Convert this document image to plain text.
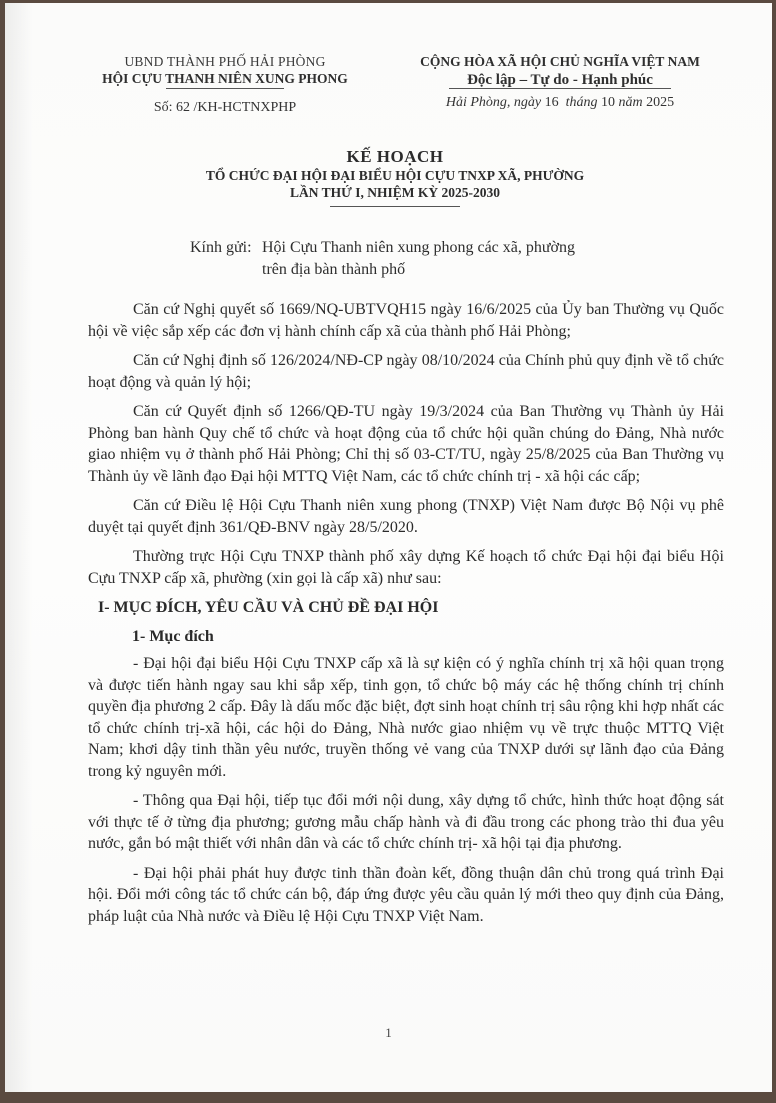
UBND THÀNH PHỐ HẢI PHÒNG
HỘI CỰU THANH NIÊN XUNG PHONG
Số: 62 /KH-HCTNXPHP
CỘNG HÒA XÃ HỘI CHỦ NGHĨA VIỆT NAM
Độc lập – Tự do - Hạnh phúc
Hải Phòng, ngày 16 tháng 10 năm 2025
KẾ HOẠCH
TỔ CHỨC ĐẠI HỘI ĐẠI BIỂU HỘI CỰU TNXP XÃ, PHƯỜNG
LẦN THỨ I, NHIỆM KỲ 2025-2030
Kính gửi: Hội Cựu Thanh niên xung phong các xã, phường
trên địa bàn thành phố

Căn cứ Nghị quyết số 1669/NQ-UBTVQH15 ngày 16/6/2025 của Ủy ban Thường vụ Quốc hội về việc sắp xếp các đơn vị hành chính cấp xã của thành phố Hải Phòng;

Căn cứ Nghị định số 126/2024/NĐ-CP ngày 08/10/2024 của Chính phủ quy định về tổ chức hoạt động và quản lý hội;

Căn cứ Quyết định số 1266/QĐ-TU ngày 19/3/2024 của Ban Thường vụ Thành ủy Hải Phòng ban hành Quy chế tổ chức và hoạt động của tổ chức hội quần chúng do Đảng, Nhà nước giao nhiệm vụ ở thành phố Hải Phòng; Chỉ thị số 03-CT/TU, ngày 25/8/2025 của Ban Thường vụ Thành ủy về lãnh đạo Đại hội MTTQ Việt Nam, các tổ chức chính trị - xã hội các cấp;

Căn cứ Điều lệ Hội Cựu Thanh niên xung phong (TNXP) Việt Nam được Bộ Nội vụ phê duyệt tại quyết định 361/QĐ-BNV ngày 28/5/2020.

Thường trực Hội Cựu TNXP thành phố xây dựng Kế hoạch tổ chức Đại hội đại biểu Hội Cựu TNXP cấp xã, phường (xin gọi là cấp xã) như sau:

I- MỤC ĐÍCH, YÊU CẦU VÀ CHỦ ĐỀ ĐẠI HỘI
1- Mục đích

- Đại hội đại biểu Hội Cựu TNXP cấp xã là sự kiện có ý nghĩa chính trị xã hội quan trọng và được tiến hành ngay sau khi sắp xếp, tinh gọn, tổ chức bộ máy các hệ thống chính trị chính quyền địa phương 2 cấp. Đây là dấu mốc đặc biệt, đợt sinh hoạt chính trị sâu rộng khi hợp nhất các tổ chức chính trị-xã hội, các hội do Đảng, Nhà nước giao nhiệm vụ về trực thuộc MTTQ Việt Nam; khơi dậy tinh thần yêu nước, truyền thống vẻ vang của TNXP dưới sự lãnh đạo của Đảng trong kỷ nguyên mới.

- Thông qua Đại hội, tiếp tục đổi mới nội dung, xây dựng tổ chức, hình thức hoạt động sát với thực tế ở từng địa phương; gương mẫu chấp hành và đi đầu trong các phong trào thi đua yêu nước, gắn bó mật thiết với nhân dân và các tổ chức chính trị- xã hội tại địa phương.

- Đại hội phải phát huy được tinh thần đoàn kết, đồng thuận dân chủ trong quá trình Đại hội. Đổi mới công tác tổ chức cán bộ, đáp ứng được yêu cầu quản lý mới theo quy định của Đảng, pháp luật của Nhà nước và Điều lệ Hội Cựu TNXP Việt Nam.

1
